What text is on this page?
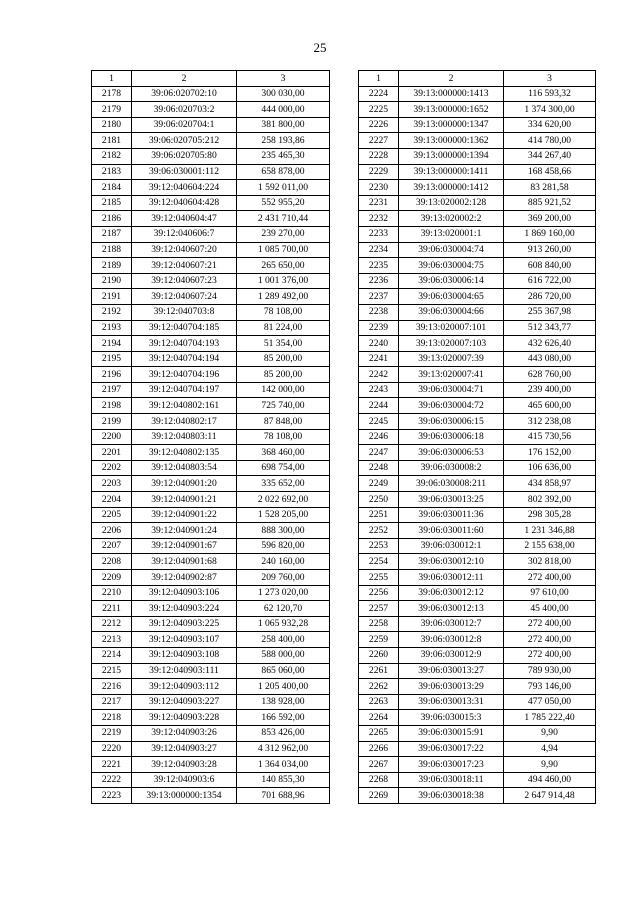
25
1	2	3
2178	39:06:020702:10	300 030,00
2179	39:06:020703:2	444 000,00
2180	39:06:020704:1	381 800,00
2181	39:06:020705:212	258 193,86
2182	39:06:020705:80	235 465,30
2183	39:06:030001:112	658 878,00
2184	39:12:040604:224	1 592 011,00
2185	39:12:040604:428	552 955,20
2186	39:12:040604:47	2 431 710,44
2187	39:12:040606:7	239 270,00
2188	39:12:040607:20	1 085 700,00
2189	39:12:040607:21	265 650,00
2190	39:12:040607:23	1 001 376,00
2191	39:12:040607:24	1 289 492,00
2192	39:12:040703:8	78 108,00
2193	39:12:040704:185	81 224,00
2194	39:12:040704:193	51 354,00
2195	39:12:040704:194	85 200,00
2196	39:12:040704:196	85 200,00
2197	39:12:040704:197	142 000,00
2198	39:12:040802:161	725 740,00
2199	39:12:040802:17	87 848,00
2200	39:12:040803:11	78 108,00
2201	39:12:040802:135	368 460,00
2202	39:12:040803:54	698 754,00
2203	39:12:040901:20	335 652,00
2204	39:12:040901:21	2 022 692,00
2205	39:12:040901:22	1 528 205,00
2206	39:12:040901:24	888 300,00
2207	39:12:040901:67	596 820,00
2208	39:12:040901:68	240 160,00
2209	39:12:040902:87	209 760,00
2210	39:12:040903:106	1 273 020,00
2211	39:12:040903:224	62 120,70
2212	39:12:040903:225	1 065 932,28
2213	39:12:040903:107	258 400,00
2214	39:12:040903:108	588 000,00
2215	39:12:040903:111	865 060,00
2216	39:12:040903:112	1 205 400,00
2217	39:12:040903:227	138 928,00
2218	39:12:040903:228	166 592,00
2219	39:12:040903:26	853 426,00
2220	39:12:040903:27	4 312 962,00
2221	39:12:040903:28	1 364 034,00
2222	39:12:040903:6	140 855,30
2223	39:13:000000:1354	701 688,96
1	2	3
2224	39:13:000000:1413	116 593,32
2225	39:13:000000:1652	1 374 300,00
2226	39:13:000000:1347	334 620,00
2227	39:13:000000:1362	414 780,00
2228	39:13:000000:1394	344 267,40
2229	39:13:000000:1411	168 458,66
2230	39:13:000000:1412	83 281,58
2231	39:13:020002:128	885 921,52
2232	39:13:020002:2	369 200,00
2233	39:13:020001:1	1 869 160,00
2234	39:06:030004:74	913 260,00
2235	39:06:030004:75	608 840,00
2236	39:06:030006:14	616 722,00
2237	39:06:030004:65	286 720,00
2238	39:06:030004:66	255 367,98
2239	39:13:020007:101	512 343,77
2240	39:13:020007:103	432 626,40
2241	39:13:020007:39	443 080,00
2242	39:13:020007:41	628 760,00
2243	39:06:030004:71	239 400,00
2244	39:06:030004:72	465 600,00
2245	39:06:030006:15	312 238,08
2246	39:06:030006:18	415 730,56
2247	39:06:030006:53	176 152,00
2248	39:06:030008:2	106 636,00
2249	39:06:030008:211	434 858,97
2250	39:06:030013:25	802 392,00
2251	39:06:030011:36	298 305,28
2252	39:06:030011:60	1 231 346,88
2253	39:06:030012:1	2 155 638,00
2254	39:06:030012:10	302 818,00
2255	39:06:030012:11	272 400,00
2256	39:06:030012:12	97 610,00
2257	39:06:030012:13	45 400,00
2258	39:06:030012:7	272 400,00
2259	39:06:030012:8	272 400,00
2260	39:06:030012:9	272 400,00
2261	39:06:030013:27	789 930,00
2262	39:06:030013:29	793 146,00
2263	39:06:030013:31	477 050,00
2264	39:06:030015:3	1 785 222,40
2265	39:06:030015:91	9,90
2266	39:06:030017:22	4,94
2267	39:06:030017:23	9,90
2268	39:06:030018:11	494 460,00
2269	39:06:030018:38	2 647 914,48
